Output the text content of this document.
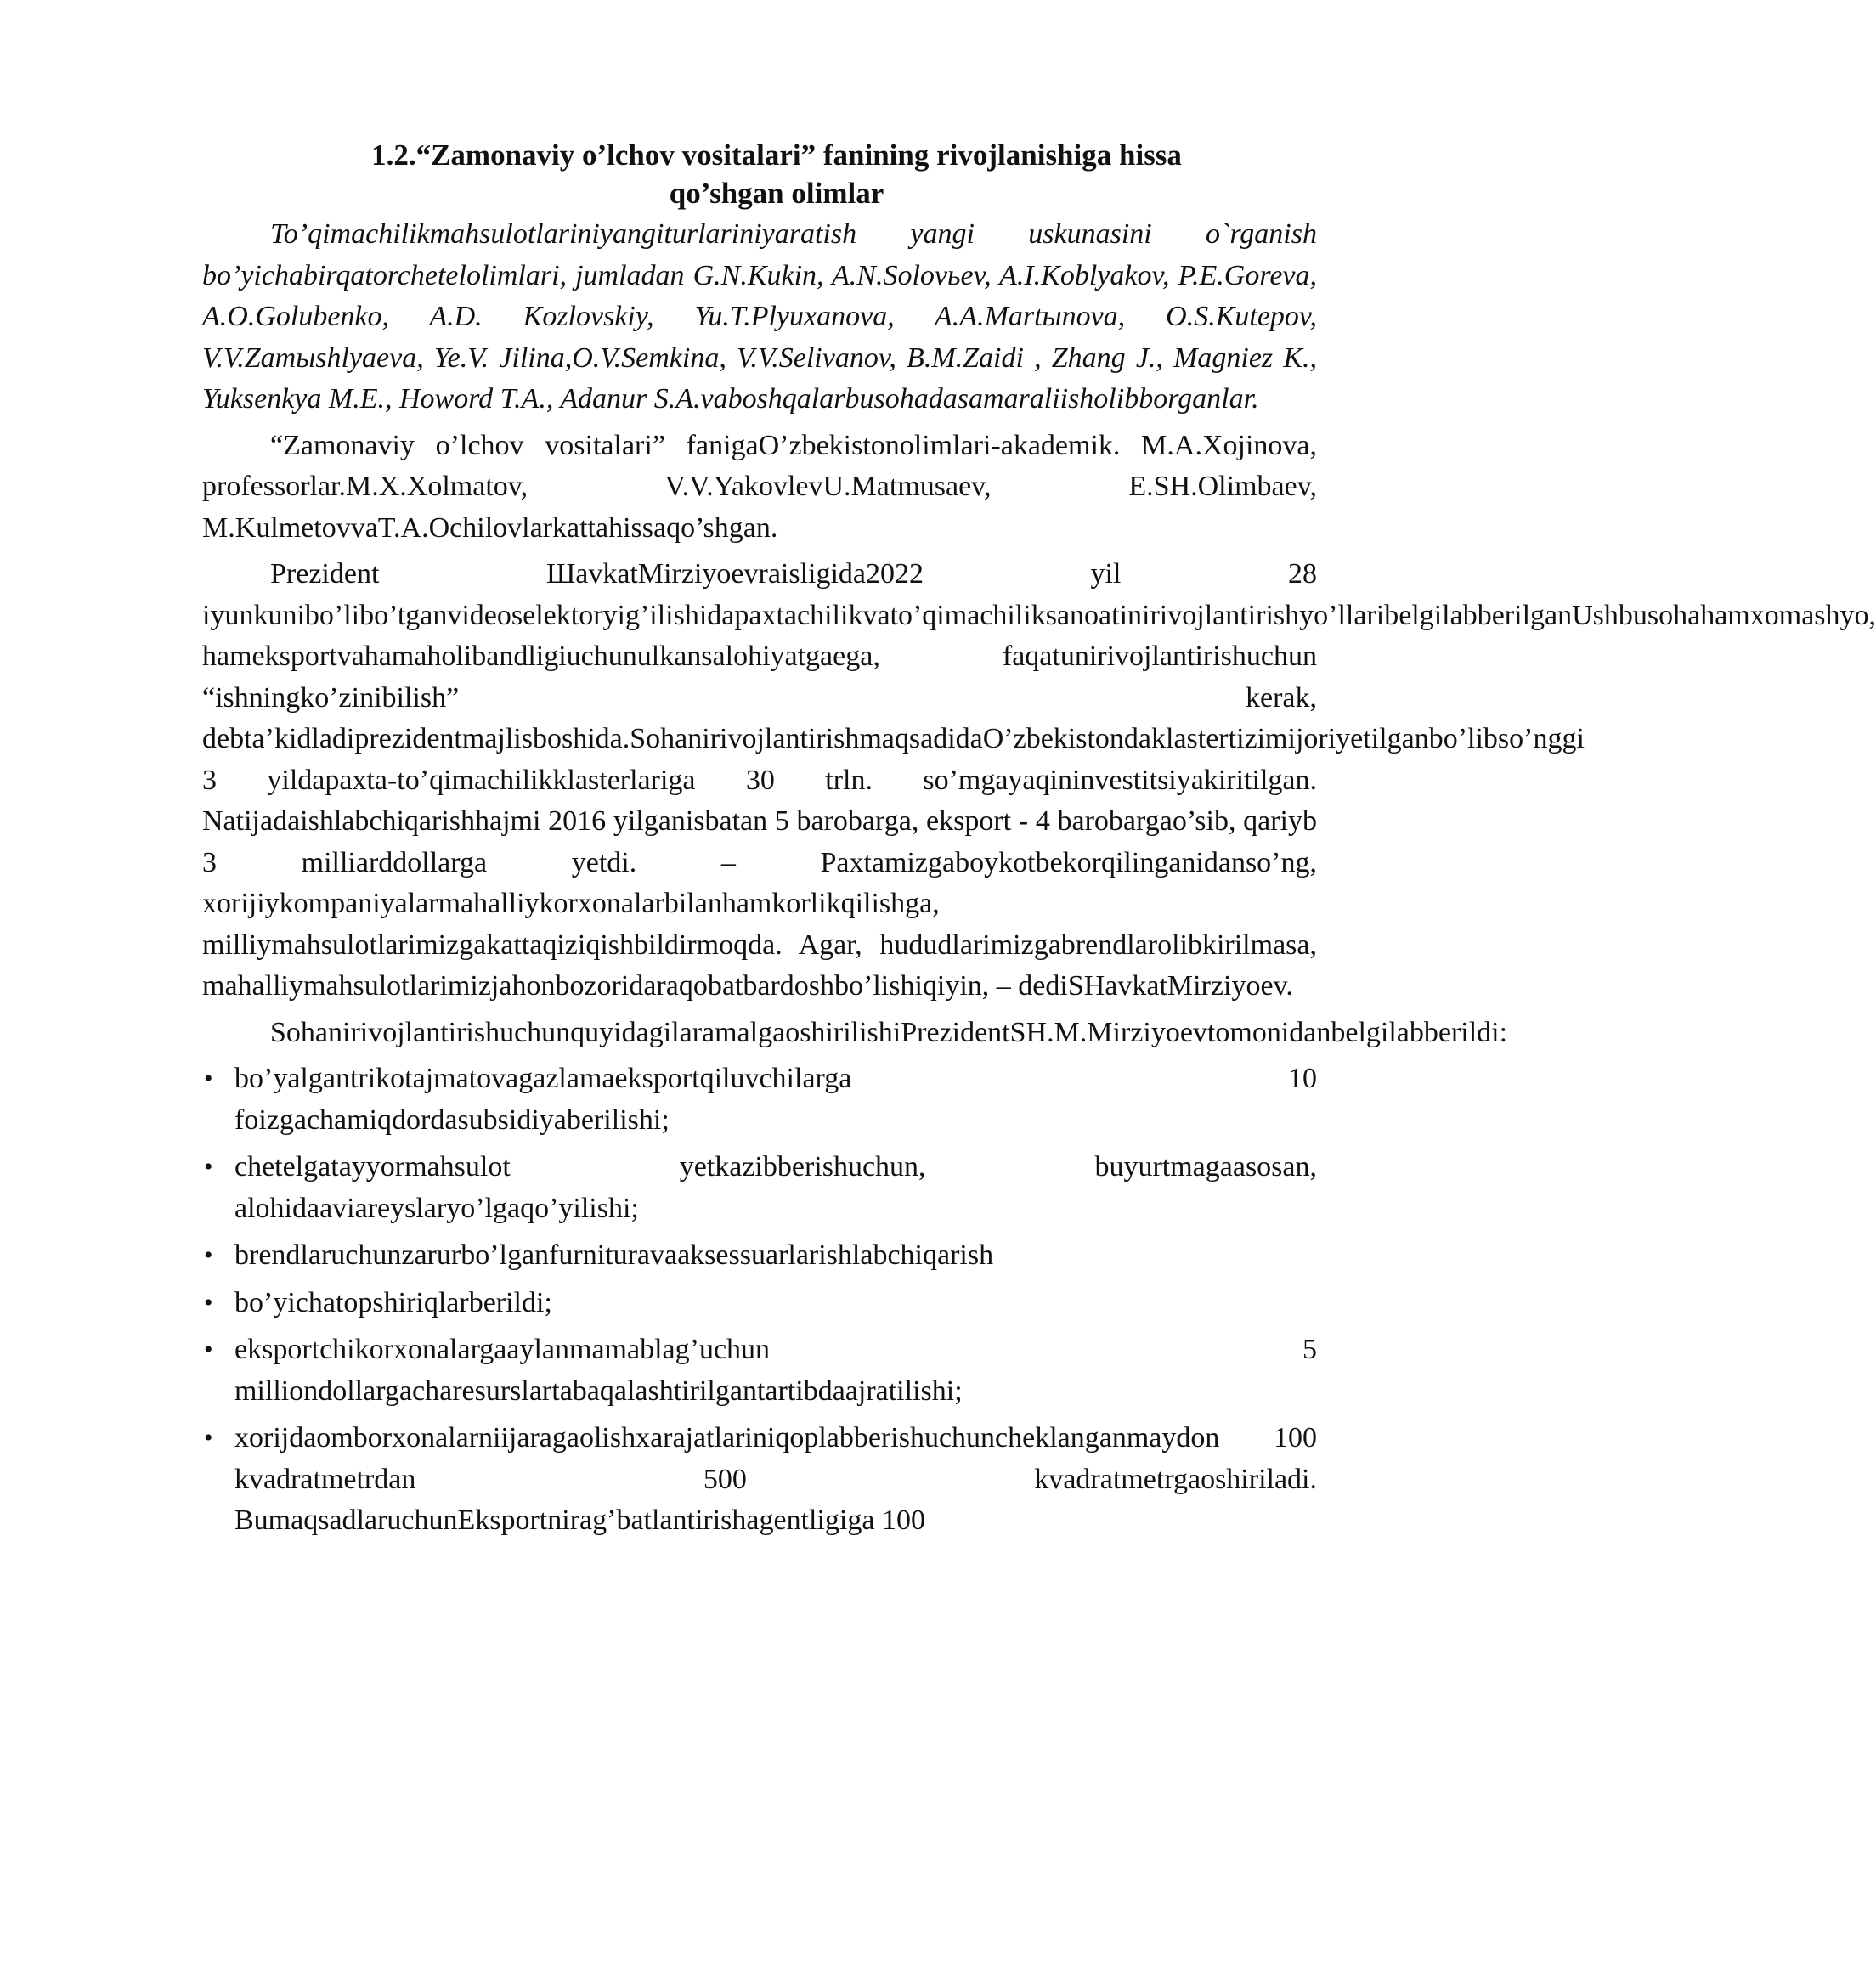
1.2.“Zamonaviy o’lchov vositalari” fanining rivojlanishiga hissa
qo’shgan olimlar

To’qimachilikmahsulotlariniyangiturlariniyaratish yangi uskunasini o`rganish bo’yichabirqatorchetelolimlari, jumladan G.N.Kukin, A.N.Solovьev, A.I.Koblyakov, P.E.Goreva, A.O.Golubenko, A.D. Kozlovskiy, Yu.T.Plyuxanova, A.A.Martыnova, O.S.Kutepov, V.V.Zamыshlyaeva, Ye.V. Jilina,O.V.Semkina, V.V.Selivanov, B.M.Zaidi , Zhang J., Magniez K., Yuksenkya M.E., Howord T.A., Adanur S.A.vaboshqalarbusohadasamaraliisholibborganlar.

“Zamonaviy o’lchov vositalari” fanigaO’zbekistonolimlari-akademik. M.A.Xojinova, professorlar.M.X.Xolmatov, V.V.YakovlevU.Matmusaev, E.SH.Olimbaev, M.KulmetovvaT.A.Ochilovlarkattahissaqo’shgan.

Prezident ШavkatMirziyoevraisligida2022 yil 28 iyunkunibo’libo’tganvideoselektoryig’ilishidapaxtachilikvato’qimachiliksanoatinirivojlantirishyo’llaribelgilabberilganUshbusohahamxomashyo, hameksportvahamaholibandligiuchunulkansalohiyatgaega, faqatunirivojlantirishuchun “ishningko’zinibilish” kerak, debta’kidladiprezidentmajlisboshida.SohanirivojlantirishmaqsadidaO’zbekistondaklastertizimijoriyetilganbo’libso’nggi 3 yildapaxta-to’qimachilikklasterlariga 30 trln. so’mgayaqininvestitsiyakiritilgan. Natijadaishlabchiqarishhajmi 2016 yilganisbatan 5 barobarga, eksport - 4 barobargao’sib, qariyb 3 milliarddollarga yetdi. – Paxtamizgaboykotbekorqilinganidanso’ng, xorijiykompaniyalarmahalliykorxonalarbilanhamkorlikqilishga, milliymahsulotlarimizgakattaqiziqishbildirmoqda. Agar, hududlarimizgabrendlarolibkirilmasa, mahalliymahsulotlarimizjahonbozoridaraqobatbardoshbo’lishiqiyin, – dediSHavkatMirziyoev.

SohanirivojlantirishuchunquyidagilaramalgaoshirilishiPrezidentSH.M.Mirziyoevtomonidanbelgilabberildi:

• bo’yalgantrikotajmatovagazlamaeksportqiluvchilarga 10 foizgachamiqdordasubsidiyaberilishi;
• chetelgatayyormahsulot yetkazibberishuchun, buyurtmagaasosan, alohidaaviareyslaryo’lgaqo’yilishi;
• brendlaruchunzarurbo’lganfurnituravaaksessuarlarishlabchiqarish
• bo’yichatopshiriqlarberildi;
• eksportchikorxonalargaaylanmamablag’uchun 5 milliondollargacharesurslartabaqalashtirilgantartibdaajratilishi;
• xorijdaomborxonalarniijaragaolishxarajatlariniqoplabberishuchuncheklanganmaydon 100 kvadratmetrdan 500 kvadratmetrgaoshiriladi. BumaqsadlaruchunEksportnirag’batlantirishagentligiga 100
